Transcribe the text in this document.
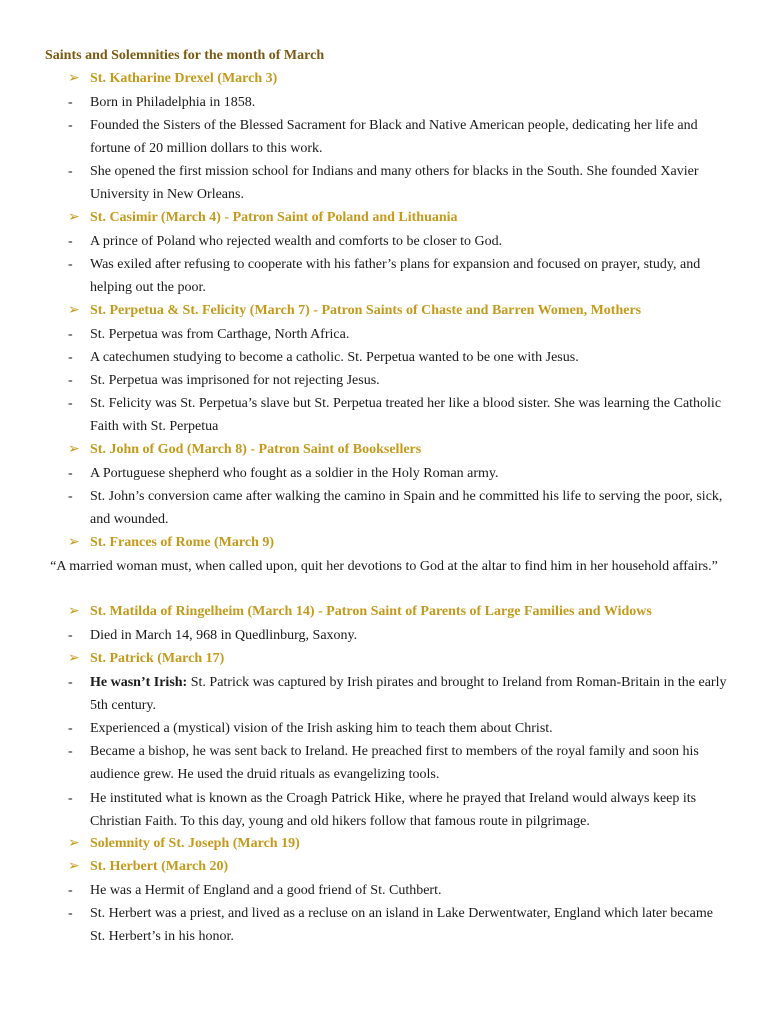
Saints and Solemnities for the month of March
➢ St. Katharine Drexel (March 3)
- Born in Philadelphia in 1858.
- Founded the Sisters of the Blessed Sacrament for Black and Native American people, dedicating her life and fortune of 20 million dollars to this work.
- She opened the first mission school for Indians and many others for blacks in the South. She founded Xavier University in New Orleans.
➢ St. Casimir (March 4) - Patron Saint of Poland and Lithuania
- A prince of Poland who rejected wealth and comforts to be closer to God.
- Was exiled after refusing to cooperate with his father’s plans for expansion and focused on prayer, study, and helping out the poor.
➢ St. Perpetua & St. Felicity (March 7) - Patron Saints of Chaste and Barren Women, Mothers
- St. Perpetua was from Carthage, North Africa.
- A catechumen studying to become a catholic. St. Perpetua wanted to be one with Jesus.
- St. Perpetua was imprisoned for not rejecting Jesus.
- St. Felicity was St. Perpetua’s slave but St. Perpetua treated her like a blood sister. She was learning the Catholic Faith with St. Perpetua
➢ St. John of God (March 8) - Patron Saint of Booksellers
- A Portuguese shepherd who fought as a soldier in the Holy Roman army.
- St. John’s conversion came after walking the camino in Spain and he committed his life to serving the poor, sick, and wounded.
➢ St. Frances of Rome (March 9)
“A married woman must, when called upon, quit her devotions to God at the altar to find him in her household affairs.”
➢ St. Matilda of Ringelheim (March 14) - Patron Saint of Parents of Large Families and Widows
- Died in March 14, 968 in Quedlinburg, Saxony.
➢ St. Patrick (March 17)
- He wasn’t Irish: St. Patrick was captured by Irish pirates and brought to Ireland from Roman-Britain in the early 5th century.
- Experienced a (mystical) vision of the Irish asking him to teach them about Christ.
- Became a bishop, he was sent back to Ireland. He preached first to members of the royal family and soon his audience grew. He used the druid rituals as evangelizing tools.
- He instituted what is known as the Croagh Patrick Hike, where he prayed that Ireland would always keep its Christian Faith. To this day, young and old hikers follow that famous route in pilgrimage.
➢ Solemnity of St. Joseph (March 19)
➢ St. Herbert (March 20)
- He was a Hermit of England and a good friend of St. Cuthbert.
- St. Herbert was a priest, and lived as a recluse on an island in Lake Derwentwater, England which later became St. Herbert’s in his honor.
